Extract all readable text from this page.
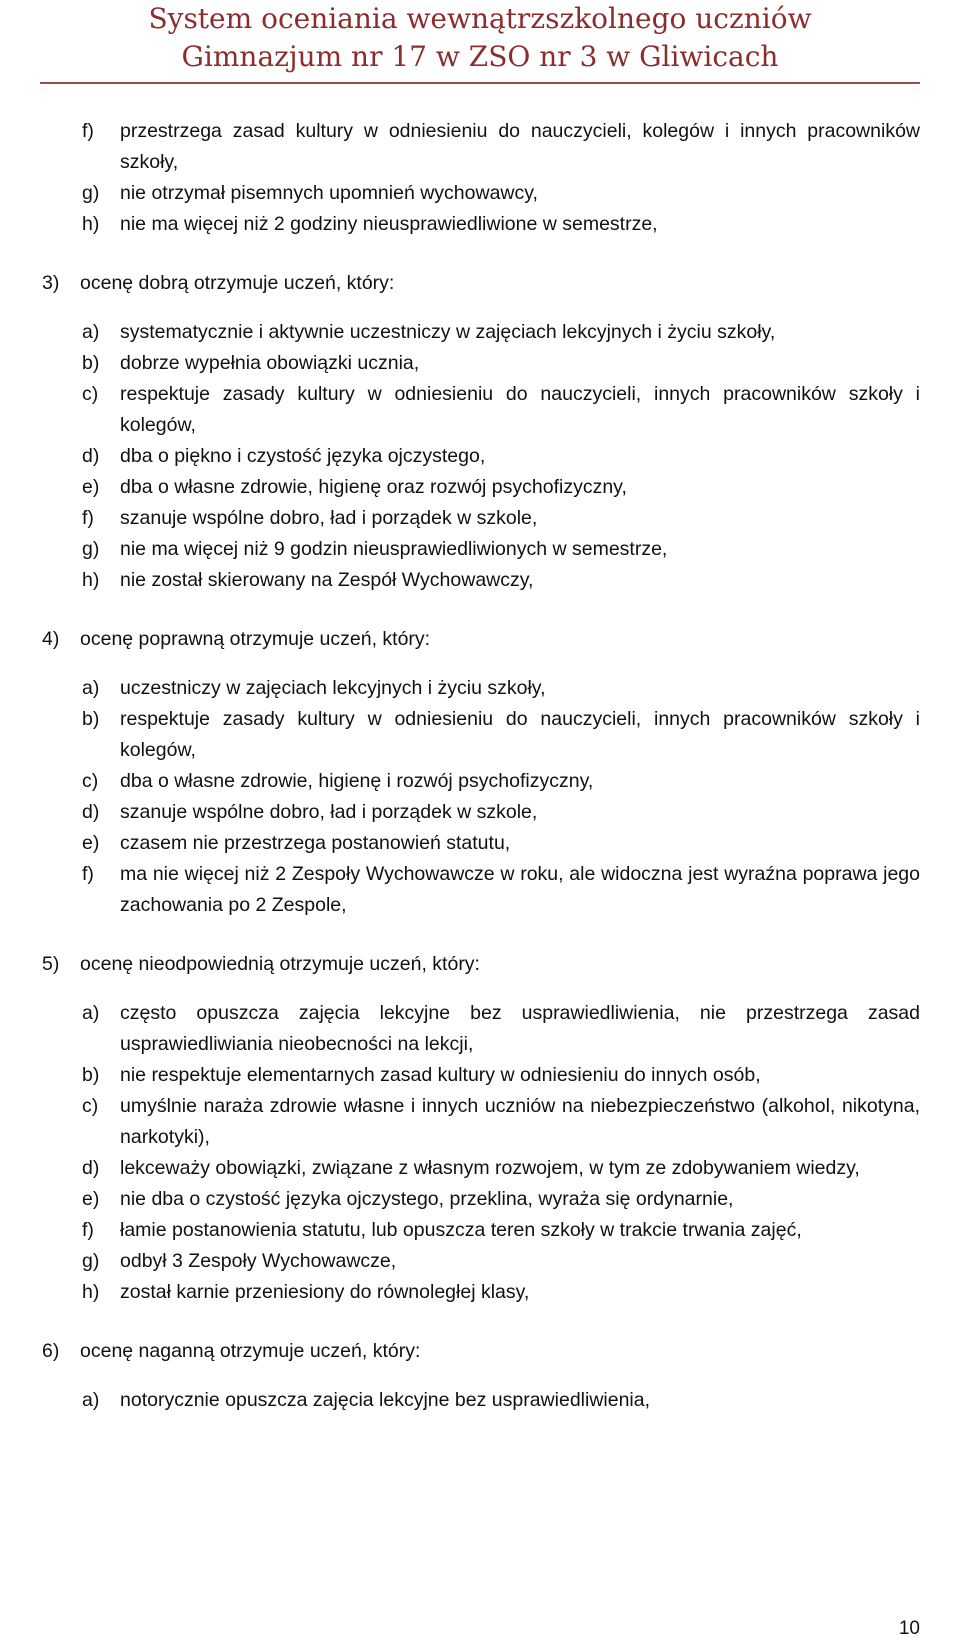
System oceniania wewnątrzszkolnego uczniów
Gimnazjum nr 17 w ZSO nr 3 w Gliwicach
f)	przestrzega zasad kultury w odniesieniu do nauczycieli, kolegów i innych pracowników szkoły,
g)	nie otrzymał pisemnych upomnień wychowawcy,
h)	nie ma więcej niż 2 godziny nieusprawiedliwione w semestrze,
3)	ocenę dobrą otrzymuje uczeń, który:
a)	systematycznie i aktywnie uczestniczy w zajęciach lekcyjnych i życiu szkoły,
b)	dobrze wypełnia obowiązki ucznia,
c)	respektuje zasady kultury w odniesieniu do nauczycieli, innych pracowników szkoły i kolegów,
d)	dba o piękno i czystość języka ojczystego,
e)	dba o własne zdrowie, higienę oraz rozwój psychofizyczny,
f)	szanuje wspólne dobro, ład i porządek w szkole,
g)	nie ma więcej niż 9 godzin nieusprawiedliwionych w semestrze,
h)	nie został skierowany na Zespół Wychowawczy,
4)	ocenę poprawną otrzymuje uczeń, który:
a)	uczestniczy w zajęciach lekcyjnych i życiu szkoły,
b)	respektuje zasady kultury w odniesieniu do nauczycieli, innych pracowników szkoły i kolegów,
c)	dba o własne zdrowie, higienę i rozwój psychofizyczny,
d)	szanuje wspólne dobro, ład i porządek w szkole,
e)	czasem nie przestrzega postanowień statutu,
f)	ma nie więcej niż 2 Zespoły Wychowawcze w roku, ale widoczna jest wyraźna poprawa jego zachowania po 2 Zespole,
5)	ocenę nieodpowiednią otrzymuje uczeń, który:
a)	często opuszcza zajęcia lekcyjne bez usprawiedliwienia, nie przestrzega zasad usprawiedliwiania nieobecności na lekcji,
b)	nie respektuje elementarnych zasad kultury w odniesieniu do innych osób,
c)	umyślnie naraża zdrowie własne i innych uczniów na niebezpieczeństwo (alkohol, nikotyna, narkotyki),
d)	lekceważy obowiązki, związane z własnym rozwojem, w tym ze zdobywaniem wiedzy,
e)	nie dba o czystość języka ojczystego, przeklina, wyraża się ordynarnie,
f)	łamie postanowienia statutu, lub opuszcza teren szkoły w trakcie trwania zajęć,
g)	odbył 3 Zespoły Wychowawcze,
h)	został karnie przeniesiony do równoległej klasy,
6)	ocenę naganną otrzymuje uczeń, który:
a)	notorycznie opuszcza zajęcia lekcyjne bez usprawiedliwienia,
10
